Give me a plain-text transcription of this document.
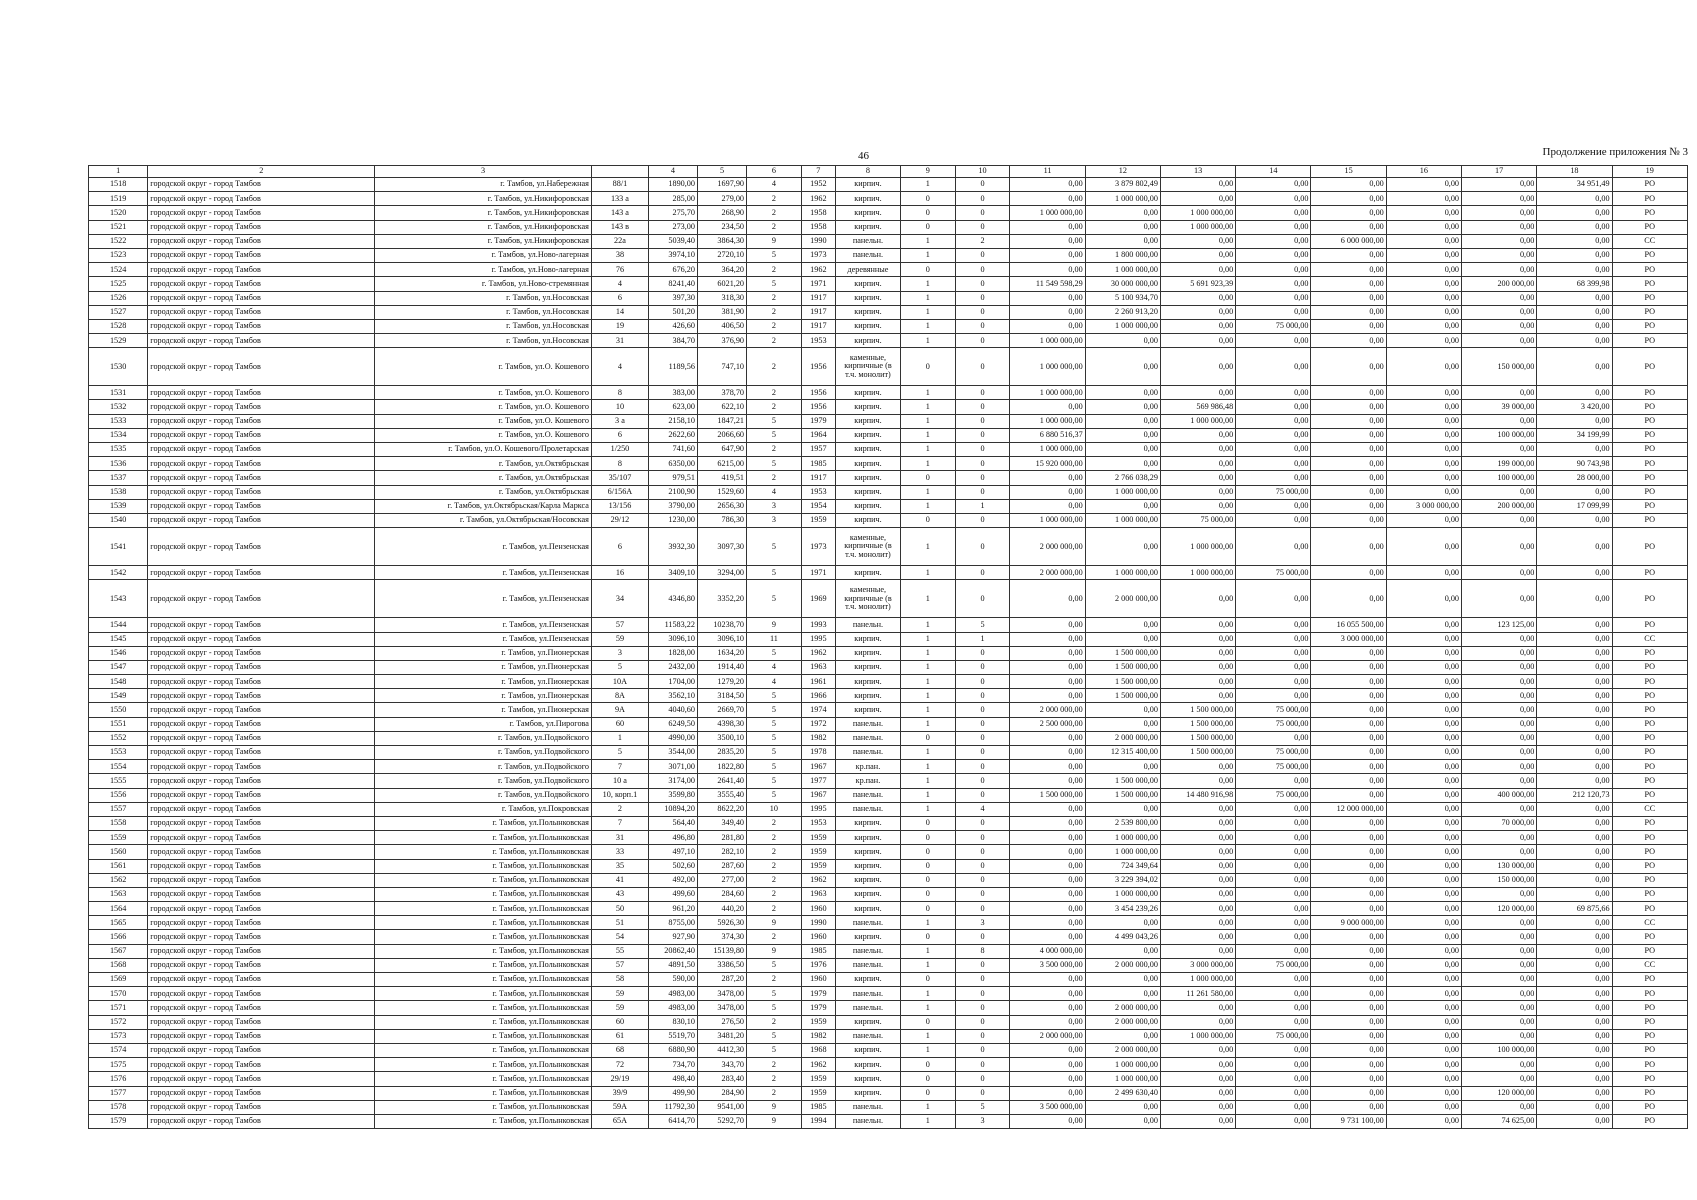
46	Продолжение приложения № 3
1	2	3		4	5	6	7	8	9	10	11	12	13	14	15	16	17	18	19
1518	городской округ - город Тамбов	г. Тамбов, ул.Набережная	88/1	1890,00	1697,90	4	1952	кирпич.	1	0	0,00	3 879 802,49	0,00	0,00	0,00	0,00	0,00	34 951,49	РО
1519	городской округ - город Тамбов	г. Тамбов, ул.Никифоровская	133 а	285,00	279,00	2	1962	кирпич.	0	0	0,00	1 000 000,00	0,00	0,00	0,00	0,00	0,00	0,00	РО
1520	городской округ - город Тамбов	г. Тамбов, ул.Никифоровская	143 а	275,70	268,90	2	1958	кирпич.	0	0	1 000 000,00	0,00	1 000 000,00	0,00	0,00	0,00	0,00	0,00	РО
1521	городской округ - город Тамбов	г. Тамбов, ул.Никифоровская	143 в	273,00	234,50	2	1958	кирпич.	0	0	0,00	0,00	1 000 000,00	0,00	0,00	0,00	0,00	0,00	РО
1522	городской округ - город Тамбов	г. Тамбов, ул.Никифоровская	22а	5039,40	3864,30	9	1990	панельн.	1	2	0,00	0,00	0,00	0,00	6 000 000,00	0,00	0,00	0,00	СС
1523	городской округ - город Тамбов	г. Тамбов, ул.Ново-лагерная	38	3974,10	2720,10	5	1973	панельн.	1	0	0,00	1 800 000,00	0,00	0,00	0,00	0,00	0,00	0,00	РО
1524	городской округ - город Тамбов	г. Тамбов, ул.Ново-лагерная	76	676,20	364,20	2	1962	деревянные	0	0	0,00	1 000 000,00	0,00	0,00	0,00	0,00	0,00	0,00	РО
1525	городской округ - город Тамбов	г. Тамбов, ул.Ново-стремянная	4	8241,40	6021,20	5	1971	кирпич.	1	0	11 549 598,29	30 000 000,00	5 691 923,39	0,00	0,00	0,00	200 000,00	68 399,98	РО
1526	городской округ - город Тамбов	г. Тамбов, ул.Носовская	6	397,30	318,30	2	1917	кирпич.	1	0	0,00	5 100 934,70	0,00	0,00	0,00	0,00	0,00	0,00	РО
1527	городской округ - город Тамбов	г. Тамбов, ул.Носовская	14	501,20	381,90	2	1917	кирпич.	1	0	0,00	2 260 913,20	0,00	0,00	0,00	0,00	0,00	0,00	РО
1528	городской округ - город Тамбов	г. Тамбов, ул.Носовская	19	426,60	406,50	2	1917	кирпич.	1	0	0,00	1 000 000,00	0,00	75 000,00	0,00	0,00	0,00	0,00	РО
1529	городской округ - город Тамбов	г. Тамбов, ул.Носовская	31	384,70	376,90	2	1953	кирпич.	1	0	1 000 000,00	0,00	0,00	0,00	0,00	0,00	0,00	0,00	РО
1530	городской округ - город Тамбов	г. Тамбов, ул.О. Кошевого	4	1189,56	747,10	2	1956	каменные, кирпичные (в т.ч. монолит)	0	0	1 000 000,00	0,00	0,00	0,00	0,00	0,00	150 000,00	0,00	РО
1531	городской округ - город Тамбов	г. Тамбов, ул.О. Кошевого	8	383,00	378,70	2	1956	кирпич.	1	0	1 000 000,00	0,00	0,00	0,00	0,00	0,00	0,00	0,00	РО
1532	городской округ - город Тамбов	г. Тамбов, ул.О. Кошевого	10	623,00	622,10	2	1956	кирпич.	1	0	0,00	0,00	569 986,48	0,00	0,00	0,00	39 000,00	3 420,00	РО
1533	городской округ - город Тамбов	г. Тамбов, ул.О. Кошевого	3 а	2158,10	1847,21	5	1979	кирпич.	1	0	1 000 000,00	0,00	1 000 000,00	0,00	0,00	0,00	0,00	0,00	РО
1534	городской округ - город Тамбов	г. Тамбов, ул.О. Кошевого	6	2622,60	2066,60	5	1964	кирпич.	1	0	6 880 516,37	0,00	0,00	0,00	0,00	0,00	100 000,00	34 199,99	РО
1535	городской округ - город Тамбов	г. Тамбов, ул.О. Кошевого/Пролетарская	1/250	741,60	647,90	2	1957	кирпич.	1	0	1 000 000,00	0,00	0,00	0,00	0,00	0,00	0,00	0,00	РО
1536	городской округ - город Тамбов	г. Тамбов, ул.Октябрьская	8	6350,00	6215,00	5	1985	кирпич.	1	0	15 920 000,00	0,00	0,00	0,00	0,00	0,00	199 000,00	90 743,98	РО
1537	городской округ - город Тамбов	г. Тамбов, ул.Октябрьская	35/107	979,51	419,51	2	1917	кирпич.	0	0	0,00	2 766 038,29	0,00	0,00	0,00	0,00	100 000,00	28 000,00	РО
1538	городской округ - город Тамбов	г. Тамбов, ул.Октябрьская	6/156А	2100,90	1529,60	4	1953	кирпич.	1	0	0,00	1 000 000,00	0,00	75 000,00	0,00	0,00	0,00	0,00	РО
1539	городской округ - город Тамбов	г. Тамбов, ул.Октябрьская/Карла Маркса	13/156	3790,00	2656,30	3	1954	кирпич.	1	1	0,00	0,00	0,00	0,00	0,00	3 000 000,00	200 000,00	17 099,99	РО
1540	городской округ - город Тамбов	г. Тамбов, ул.Октябрьская/Носовская	29/12	1230,00	786,30	3	1959	кирпич.	0	0	1 000 000,00	1 000 000,00	75 000,00	0,00	0,00	0,00	0,00	0,00	РО
1541	городской округ - город Тамбов	г. Тамбов, ул.Пензенская	6	3932,30	3097,30	5	1973	каменные, кирпичные (в т.ч. монолит)	1	0	2 000 000,00	0,00	1 000 000,00	0,00	0,00	0,00	0,00	0,00	РО
1542	городской округ - город Тамбов	г. Тамбов, ул.Пензенская	16	3409,10	3294,00	5	1971	кирпич.	1	0	2 000 000,00	1 000 000,00	1 000 000,00	75 000,00	0,00	0,00	0,00	0,00	РО
1543	городской округ - город Тамбов	г. Тамбов, ул.Пензенская	34	4346,80	3352,20	5	1969	каменные, кирпичные (в т.ч. монолит)	1	0	0,00	2 000 000,00	0,00	0,00	0,00	0,00	0,00	0,00	РО
1544	городской округ - город Тамбов	г. Тамбов, ул.Пензенская	57	11583,22	10238,70	9	1993	панельн.	1	5	0,00	0,00	0,00	0,00	16 055 500,00	0,00	123 125,00	0,00	РО
1545	городской округ - город Тамбов	г. Тамбов, ул.Пензенская	59	3096,10	3096,10	11	1995	кирпич.	1	1	0,00	0,00	0,00	0,00	3 000 000,00	0,00	0,00	0,00	СС
1546	городской округ - город Тамбов	г. Тамбов, ул.Пионерская	3	1828,00	1634,20	5	1962	кирпич.	1	0	0,00	1 500 000,00	0,00	0,00	0,00	0,00	0,00	0,00	РО
1547	городской округ - город Тамбов	г. Тамбов, ул.Пионерская	5	2432,00	1914,40	4	1963	кирпич.	1	0	0,00	1 500 000,00	0,00	0,00	0,00	0,00	0,00	0,00	РО
1548	городской округ - город Тамбов	г. Тамбов, ул.Пионерская	10А	1704,00	1279,20	4	1961	кирпич.	1	0	0,00	1 500 000,00	0,00	0,00	0,00	0,00	0,00	0,00	РО
1549	городской округ - город Тамбов	г. Тамбов, ул.Пионерская	8А	3562,10	3184,50	5	1966	кирпич.	1	0	0,00	1 500 000,00	0,00	0,00	0,00	0,00	0,00	0,00	РО
1550	городской округ - город Тамбов	г. Тамбов, ул.Пионерская	9А	4040,60	2669,70	5	1974	кирпич.	1	0	2 000 000,00	0,00	1 500 000,00	75 000,00	0,00	0,00	0,00	0,00	РО
1551	городской округ - город Тамбов	г. Тамбов, ул.Пирогова	60	6249,50	4398,30	5	1972	панельн.	1	0	2 500 000,00	0,00	1 500 000,00	75 000,00	0,00	0,00	0,00	0,00	РО
1552	городской округ - город Тамбов	г. Тамбов, ул.Подвойского	1	4990,00	3500,10	5	1982	панельн.	0	0	0,00	2 000 000,00	1 500 000,00	0,00	0,00	0,00	0,00	0,00	РО
1553	городской округ - город Тамбов	г. Тамбов, ул.Подвойского	5	3544,00	2835,20	5	1978	панельн.	1	0	0,00	12 315 400,00	1 500 000,00	75 000,00	0,00	0,00	0,00	0,00	РО
1554	городской округ - город Тамбов	г. Тамбов, ул.Подвойского	7	3071,00	1822,80	5	1967	кр.пан.	1	0	0,00	0,00	0,00	75 000,00	0,00	0,00	0,00	0,00	РО
1555	городской округ - город Тамбов	г. Тамбов, ул.Подвойского	10 а	3174,00	2641,40	5	1977	кр.пан.	1	0	0,00	1 500 000,00	0,00	0,00	0,00	0,00	0,00	0,00	РО
1556	городской округ - город Тамбов	г. Тамбов, ул.Подвойского	10, корп.1	3599,80	3555,40	5	1967	панельн.	1	0	1 500 000,00	1 500 000,00	14 480 916,98	75 000,00	0,00	0,00	400 000,00	212 120,73	РО
1557	городской округ - город Тамбов	г. Тамбов, ул.Покровская	2	10894,20	8622,20	10	1995	панельн.	1	4	0,00	0,00	0,00	0,00	12 000 000,00	0,00	0,00	0,00	СС
1558	городской округ - город Тамбов	г. Тамбов, ул.Полынковская	7	564,40	349,40	2	1953	кирпич.	0	0	0,00	2 539 800,00	0,00	0,00	0,00	0,00	70 000,00	0,00	РО
1559	городской округ - город Тамбов	г. Тамбов, ул.Полынковская	31	496,80	281,80	2	1959	кирпич.	0	0	0,00	1 000 000,00	0,00	0,00	0,00	0,00	0,00	0,00	РО
1560	городской округ - город Тамбов	г. Тамбов, ул.Полынковская	33	497,10	282,10	2	1959	кирпич.	0	0	0,00	1 000 000,00	0,00	0,00	0,00	0,00	0,00	0,00	РО
1561	городской округ - город Тамбов	г. Тамбов, ул.Полынковская	35	502,60	287,60	2	1959	кирпич.	0	0	0,00	724 349,64	0,00	0,00	0,00	0,00	130 000,00	0,00	РО
1562	городской округ - город Тамбов	г. Тамбов, ул.Полынковская	41	492,00	277,00	2	1962	кирпич.	0	0	0,00	3 229 394,02	0,00	0,00	0,00	0,00	150 000,00	0,00	РО
1563	городской округ - город Тамбов	г. Тамбов, ул.Полынковская	43	499,60	284,60	2	1963	кирпич.	0	0	0,00	1 000 000,00	0,00	0,00	0,00	0,00	0,00	0,00	РО
1564	городской округ - город Тамбов	г. Тамбов, ул.Полынковская	50	961,20	440,20	2	1960	кирпич.	0	0	0,00	3 454 239,26	0,00	0,00	0,00	0,00	120 000,00	69 875,66	РО
1565	городской округ - город Тамбов	г. Тамбов, ул.Полынковская	51	8755,00	5926,30	9	1990	панельн.	1	3	0,00	0,00	0,00	0,00	9 000 000,00	0,00	0,00	0,00	СС
1566	городской округ - город Тамбов	г. Тамбов, ул.Полынковская	54	927,90	374,30	2	1960	кирпич.	0	0	0,00	4 499 043,26	0,00	0,00	0,00	0,00	0,00	0,00	РО
1567	городской округ - город Тамбов	г. Тамбов, ул.Полынковская	55	20862,40	15139,80	9	1985	панельн.	1	8	4 000 000,00	0,00	0,00	0,00	0,00	0,00	0,00	0,00	РО
1568	городской округ - город Тамбов	г. Тамбов, ул.Полынковская	57	4891,50	3386,50	5	1976	панельн.	1	0	3 500 000,00	2 000 000,00	3 000 000,00	75 000,00	0,00	0,00	0,00	0,00	СС
1569	городской округ - город Тамбов	г. Тамбов, ул.Полынковская	58	590,00	287,20	2	1960	кирпич.	0	0	0,00	0,00	1 000 000,00	0,00	0,00	0,00	0,00	0,00	РО
1570	городской округ - город Тамбов	г. Тамбов, ул.Полынковская	59	4983,00	3478,00	5	1979	панельн.	1	0	0,00	0,00	11 261 580,00	0,00	0,00	0,00	0,00	0,00	РО
1571	городской округ - город Тамбов	г. Тамбов, ул.Полынковская	59	4983,00	3478,00	5	1979	панельн.	1	0	0,00	2 000 000,00	0,00	0,00	0,00	0,00	0,00	0,00	РО
1572	городской округ - город Тамбов	г. Тамбов, ул.Полынковская	60	830,10	276,50	2	1959	кирпич.	0	0	0,00	2 000 000,00	0,00	0,00	0,00	0,00	0,00	0,00	РО
1573	городской округ - город Тамбов	г. Тамбов, ул.Полынковская	61	5519,70	3481,20	5	1982	панельн.	1	0	2 000 000,00	0,00	1 000 000,00	75 000,00	0,00	0,00	0,00	0,00	РО
1574	городской округ - город Тамбов	г. Тамбов, ул.Полынковская	68	6880,90	4412,30	5	1968	кирпич.	1	0	0,00	2 000 000,00	0,00	0,00	0,00	0,00	100 000,00	0,00	РО
1575	городской округ - город Тамбов	г. Тамбов, ул.Полынковская	72	734,70	343,70	2	1962	кирпич.	0	0	0,00	1 000 000,00	0,00	0,00	0,00	0,00	0,00	0,00	РО
1576	городской округ - город Тамбов	г. Тамбов, ул.Полынковская	29/19	498,40	283,40	2	1959	кирпич.	0	0	0,00	1 000 000,00	0,00	0,00	0,00	0,00	0,00	0,00	РО
1577	городской округ - город Тамбов	г. Тамбов, ул.Полынковская	39/9	499,90	284,90	2	1959	кирпич.	0	0	0,00	2 499 630,40	0,00	0,00	0,00	0,00	120 000,00	0,00	РО
1578	городской округ - город Тамбов	г. Тамбов, ул.Полынковская	59А	11792,30	9541,00	9	1985	панельн.	1	5	3 500 000,00	0,00	0,00	0,00	0,00	0,00	0,00	0,00	РО
1579	городской округ - город Тамбов	г. Тамбов, ул.Полынковская	65А	6414,70	5292,70	9	1994	панельн.	1	3	0,00	0,00	0,00	0,00	9 731 100,00	0,00	74 625,00	0,00	РО
